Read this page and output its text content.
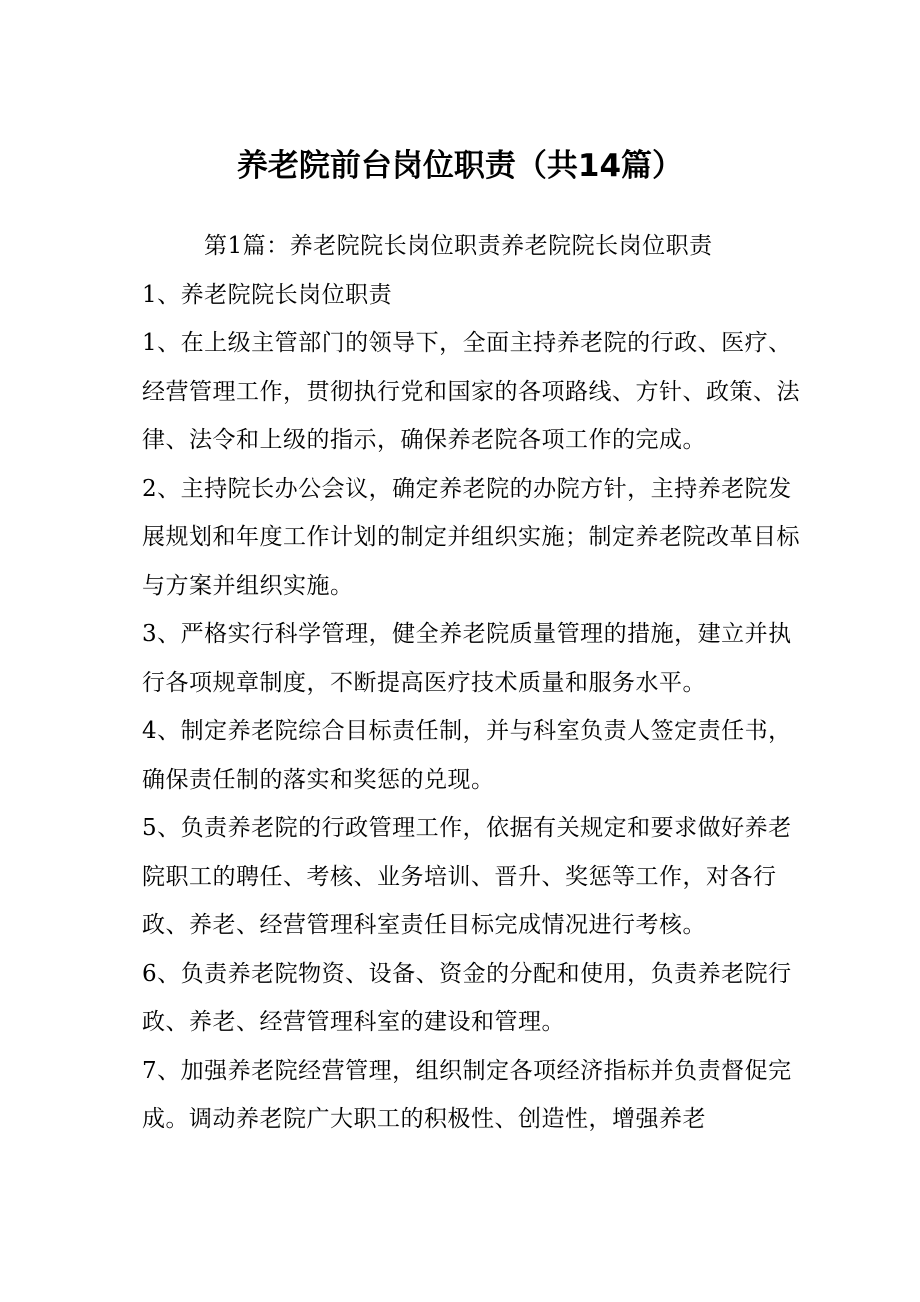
养老院前台岗位职责（共14篇）

第1篇：养老院院长岗位职责养老院院长岗位职责

1、养老院院长岗位职责

1、在上级主管部门的领导下，全面主持养老院的行政、医疗、经营管理工作，贯彻执行党和国家的各项路线、方针、政策、法律、法令和上级的指示，确保养老院各项工作的完成。

2、主持院长办公会议，确定养老院的办院方针，主持养老院发展规划和年度工作计划的制定并组织实施；制定养老院改革目标与方案并组织实施。

3、严格实行科学管理，健全养老院质量管理的措施，建立并执行各项规章制度，不断提高医疗技术质量和服务水平。

4、制定养老院综合目标责任制，并与科室负责人签定责任书，确保责任制的落实和奖惩的兑现。

5、负责养老院的行政管理工作，依据有关规定和要求做好养老院职工的聘任、考核、业务培训、晋升、奖惩等工作，对各行政、养老、经营管理科室责任目标完成情况进行考核。

6、负责养老院物资、设备、资金的分配和使用，负责养老院行政、养老、经营管理科室的建设和管理。

7、加强养老院经营管理，组织制定各项经济指标并负责督促完成。调动养老院广大职工的积极性、创造性，增强养老
